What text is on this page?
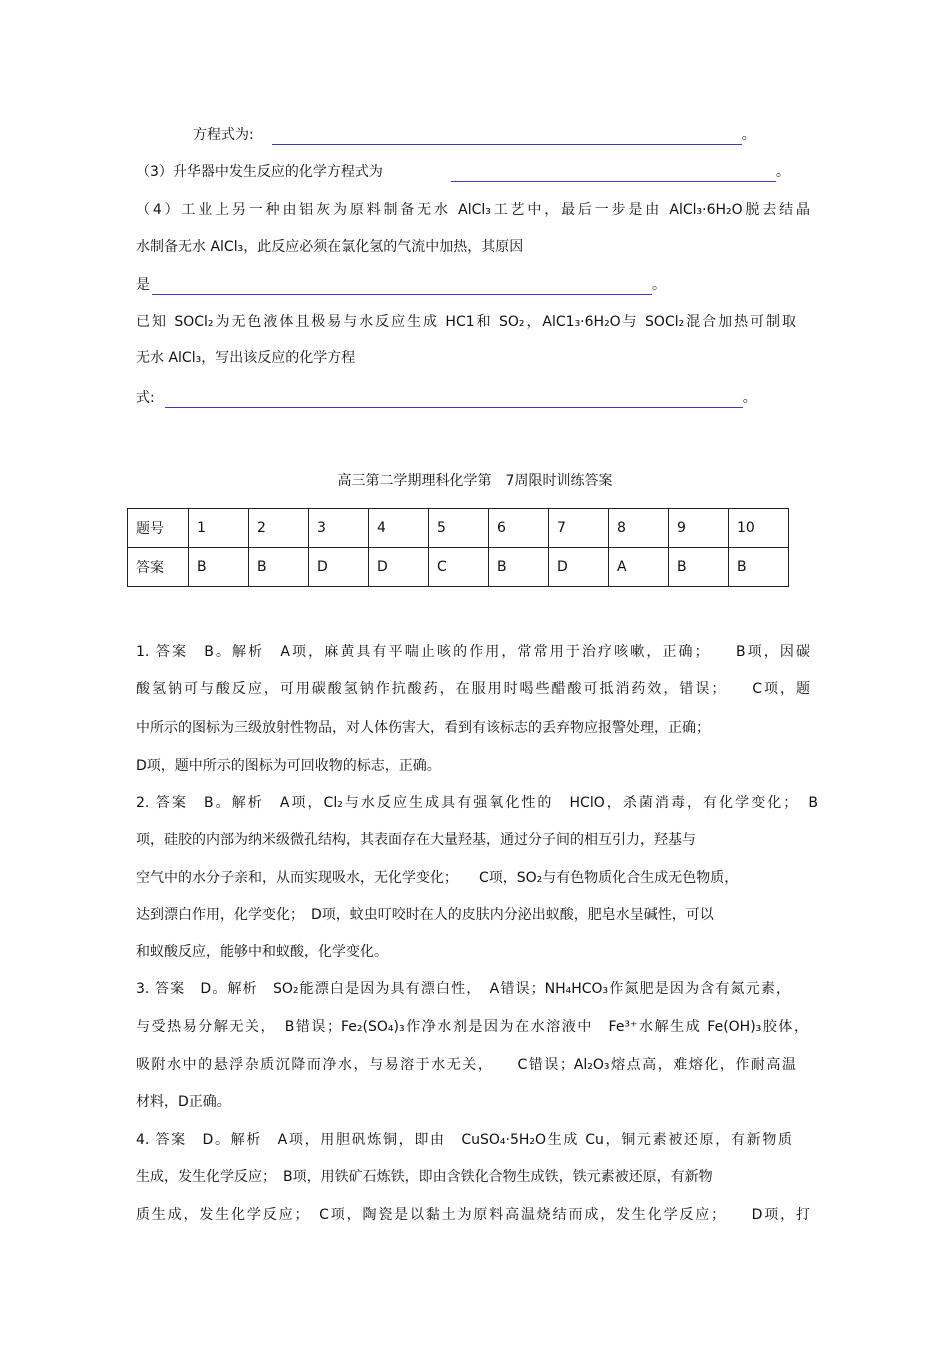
方程式为:	。
（3）升华器中发生反应的化学方程式为	。
（4）工业上另一种由铝灰为原料制备无水 AlCl₃工艺中，最后一步是由 AlCl₃·6H₂O脱去结晶
水制备无水 AlCl₃，此反应必须在氯化氢的气流中加热，其原因
是	。
已知 SOCl₂为无色液体且极易与水反应生成 HC1和 SO₂，AlC1₃·6H₂O与 SOCl₂混合加热可制取
无水 AlCl₃，写出该反应的化学方程
式:	。
高三第二学期理科化学第　7周限时训练答案
题号	1	2	3	4	5	6	7	8	9	10
答案	B	B	D	D	C	B	D	A	B	B
1. 答案　B。解析　A项，麻黄具有平喘止咳的作用，常常用于治疗咳嗽，正确；　　B项，因碳
酸氢钠可与酸反应，可用碳酸氢钠作抗酸药，在服用时喝些醋酸可抵消药效，错误；　　C项，题
中所示的图标为三级放射性物品，对人体伤害大，看到有该标志的丢弃物应报警处理，正确；
D项，题中所示的图标为可回收物的标志，正确。
2. 答案　B。解析　A项，Cl₂与水反应生成具有强氧化性的　HClO，杀菌消毒，有化学变化；　B
项，硅胶的内部为纳米级微孔结构，其表面存在大量羟基，通过分子间的相互引力，羟基与
空气中的水分子亲和，从而实现吸水，无化学变化；　　C项，SO₂与有色物质化合生成无色物质，
达到漂白作用，化学变化；　D项，蚊虫叮咬时在人的皮肤内分泌出蚁酸，肥皂水呈碱性，可以
和蚁酸反应，能够中和蚁酸，化学变化。
3. 答案　D。解析　SO₂能漂白是因为具有漂白性，　A错误；NH₄HCO₃作氮肥是因为含有氮元素，
与受热易分解无关，　B错误；Fe₂(SO₄)₃作净水剂是因为在水溶液中　Fe³⁺水解生成 Fe(OH)₃胶体，
吸附水中的悬浮杂质沉降而净水，与易溶于水无关，　　C错误；Al₂O₃熔点高，难熔化，作耐高温
材料，D正确。
4. 答案　D。解析　A项，用胆矾炼铜，即由　CuSO₄·5H₂O生成 Cu，铜元素被还原，有新物质
生成，发生化学反应；　B项，用铁矿石炼铁，即由含铁化合物生成铁，铁元素被还原，有新物
质生成，发生化学反应；　C项，陶瓷是以黏土为原料高温烧结而成，发生化学反应；　　D项，打
